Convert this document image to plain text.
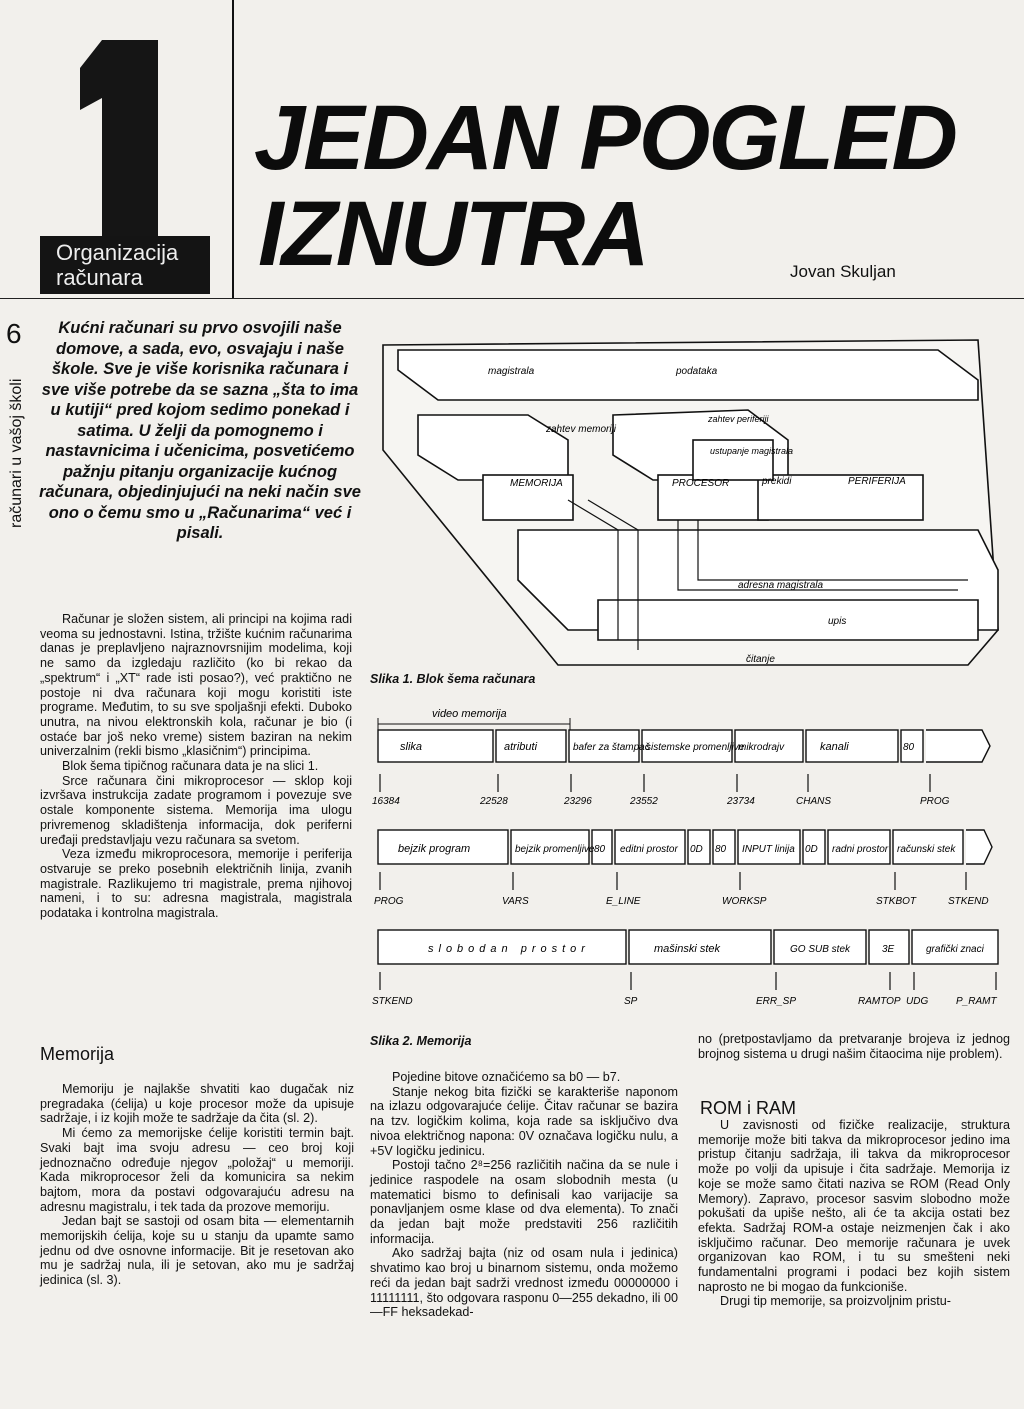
Organizacija
računara
JEDAN POGLED
IZNUTRA	Jovan Skuljan
6
računari u vašoj školi
Kućni računari su prvo osvojili naše domove, a sada, evo, osvajaju i naše škole. Sve je više korisnika računara i sve više potrebe da se sazna „šta to ima u kutiji“ pred kojom sedimo ponekad i satima. U želji da pomognemo i nastavnicima i učenicima, posvetićemo pažnju pitanju organizacije kućnog računara, objedinjujući na neki način sve ono o čemu smo u „Računarima“ već i pisali.

Računar je složen sistem, ali principi na kojima radi veoma su jednostavni. Istina, tržište kućnim računarima danas je preplavljeno najraznovrsnijim modelima, koji ne samo da izgledaju različito (ko bi rekao da „spektrum“ i „XT“ rade isti posao?), već praktično ne postoje ni dva računara koji mogu koristiti iste programe. Međutim, to su sve spoljašnji efekti. Duboko unutra, na nivou elektronskih kola, računar je bio (i ostaće bar još neko vreme) sistem baziran na nekim univerzalnim (rekli bismo „klasičnim“) principima.

Blok šema tipičnog računara data je na slici 1.

Srce računara čini mikroprocesor — sklop koji izvršava instrukcija zadate programom i povezuje sve ostale komponente sistema. Memorija ima ulogu privremenog skladištenja informacija, dok periferni uređaji predstavljaju vezu računara sa svetom.

Veza između mikroprocesora, memorije i periferija ostvaruje se preko posebnih električnih linija, zvanih magistrale. Razlikujemo tri magistrale, prema njihovoj nameni, i to su: adresna magistrala, magistrala podataka i kontrolna magistrala.

Memorija

Memoriju je najlakše shvatiti kao dugačak niz pregradaka (ćelija) u koje procesor može da upisuje sadržaje, i iz kojih može te sadržaje da čita (sl. 2).

Mi ćemo za memorijske ćelije koristiti termin bajt. Svaki bajt ima svoju adresu — ceo broj koji jednoznačno određuje njegov „položaj“ u memoriji. Kada mikroprocesor želi da komunicira sa nekim bajtom, mora da postavi odgovarajuću adresu na adresnu magistralu, i tek tada da prozove memoriju.

Jedan bajt se sastoji od osam bita — elementarnih memorijskih ćelija, koje su u stanju da upamte samo jednu od dve osnovne informacije. Bit je resetovan ako mu je sadržaj nula, ili je setovan, ako mu je sadržaj jedinica (sl. 3).

magistrala	podataka
zahtev memoriji
zahtev periferiji
ustupanje magistrala
MEMORIJA	PROCESOR	prekidi	PERIFERIJA
adresna magistrala
upis
čitanje
Slika 1. Blok šema računara
video memorija
slika	atributi	bafer za štampač
sistemske promenljive
mikrodrajv	kanali	80
16384	22528	23296	23552	23734	CHANS	PROG
bejzik program	bejzik promenljive 80 editni prostor 0D 80 INPUT linija 0D radni prostor računski stek
PROG	VARS	E_LINE	WORKSP	STKBOT	STKEND
slobodan prostor	mašinski stek	GO SUB stek	3E	grafički znaci
STKEND	SP	ERR_SP	RAMTOP UDG	P_RAMT
Slika 2. Memorija

Pojedine bitove označićemo sa b0 — b7.

Stanje nekog bita fizički se karakteriše naponom na izlazu odgovarajuće ćelije. Čitav računar se bazira na tzv. logičkim kolima, koja rade sa isključivo dva nivoa električnog napona: 0V označava logičku nulu, a +5V logičku jedinicu.

Postoji tačno 2⁸=256 različitih načina da se nule i jedinice raspodele na osam slobodnih mesta (u matematici bismo to definisali kao varijacije sa ponavljanjem osme klase od dva elementa). To znači da jedan bajt može predstaviti 256 različitih informacija.

Ako sadržaj bajta (niz od osam nula i jedinica) shvatimo kao broj u binarnom sistemu, onda možemo reći da jedan bajt sadrži vrednost između 00000000 i 11111111, što odgovara rasponu 0—255 dekadno, ili 00—FF heksadekad-

no (pretpostavljamo da pretvaranje brojeva iz jednog brojnog sistema u drugi našim čitaocima nije problem).

ROM i RAM

U zavisnosti od fizičke realizacije, struktura memorije može biti takva da mikroprocesor jedino ima pristup čitanju sadržaja, ili takva da mikroprocesor može po volji da upisuje i čita sadržaje. Memorija iz koje se može samo čitati naziva se ROM (Read Only Memory). Zapravo, procesor sasvim slobodno može pokušati da upiše nešto, ali će ta akcija ostati bez efekta. Sadržaj ROM-a ostaje neizmenjen čak i ako isključimo računar. Deo memorije računara je uvek organizovan kao ROM, i tu su smešteni neki fundamentalni programi i podaci bez kojih sistem naprosto ne bi mogao da funkcioniše.

Drugi tip memorije, sa proizvoljnim pristu-
